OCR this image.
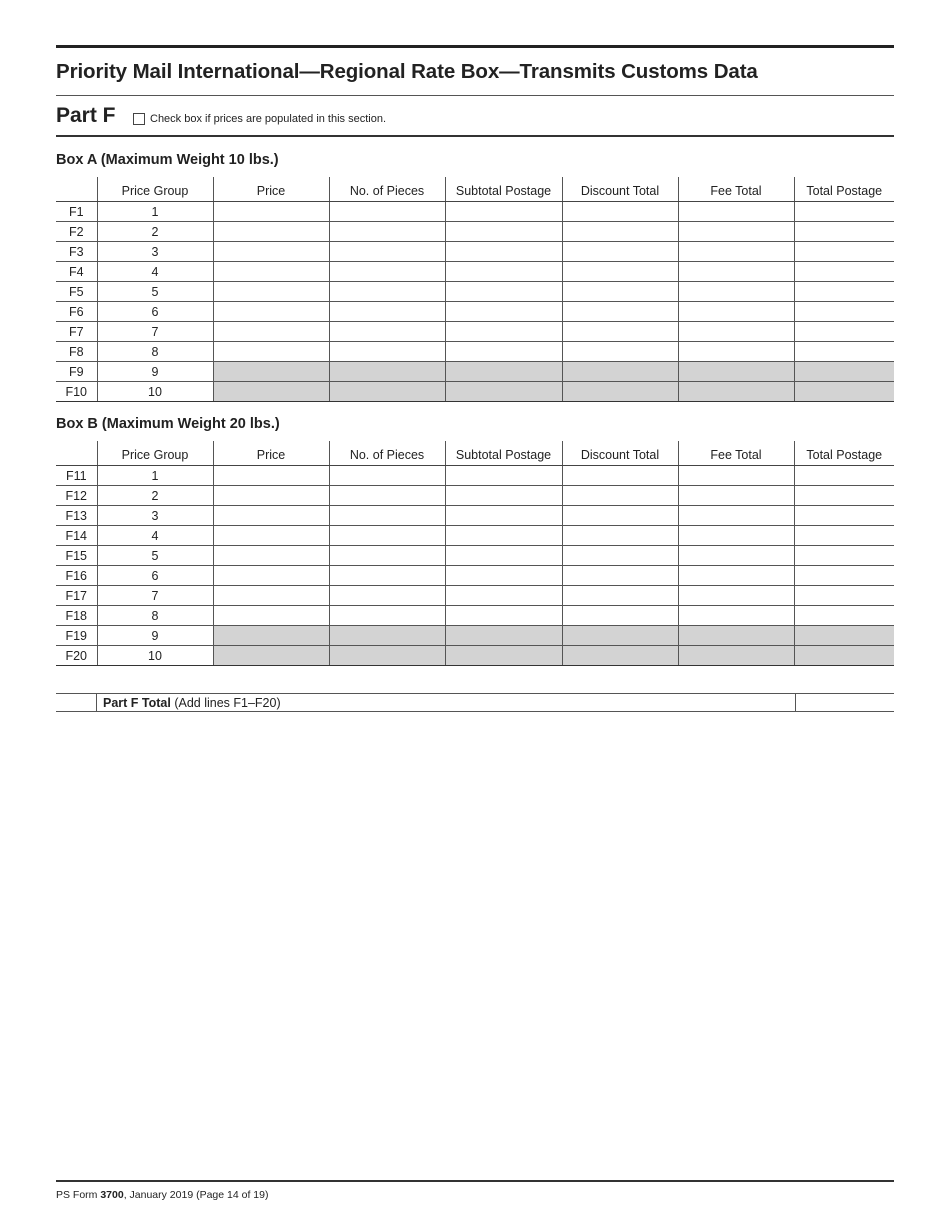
Priority Mail International—Regional Rate Box—Transmits Customs Data
Part F	Check box if prices are populated in this section.
Box A (Maximum Weight 10 lbs.)
	Price Group	Price	No. of Pieces	Subtotal Postage	Discount Total	Fee Total	Total Postage
F1	1						
F2	2						
F3	3						
F4	4						
F5	5						
F6	6						
F7	7						
F8	8						
F9	9						
F10	10						
Box B (Maximum Weight 20 lbs.)
	Price Group	Price	No. of Pieces	Subtotal Postage	Discount Total	Fee Total	Total Postage
F11	1						
F12	2						
F13	3						
F14	4						
F15	5						
F16	6						
F17	7						
F18	8						
F19	9						
F20	10						
Part F Total (Add lines F1–F20)
PS Form 3700, January 2019 (Page 14 of 19)
